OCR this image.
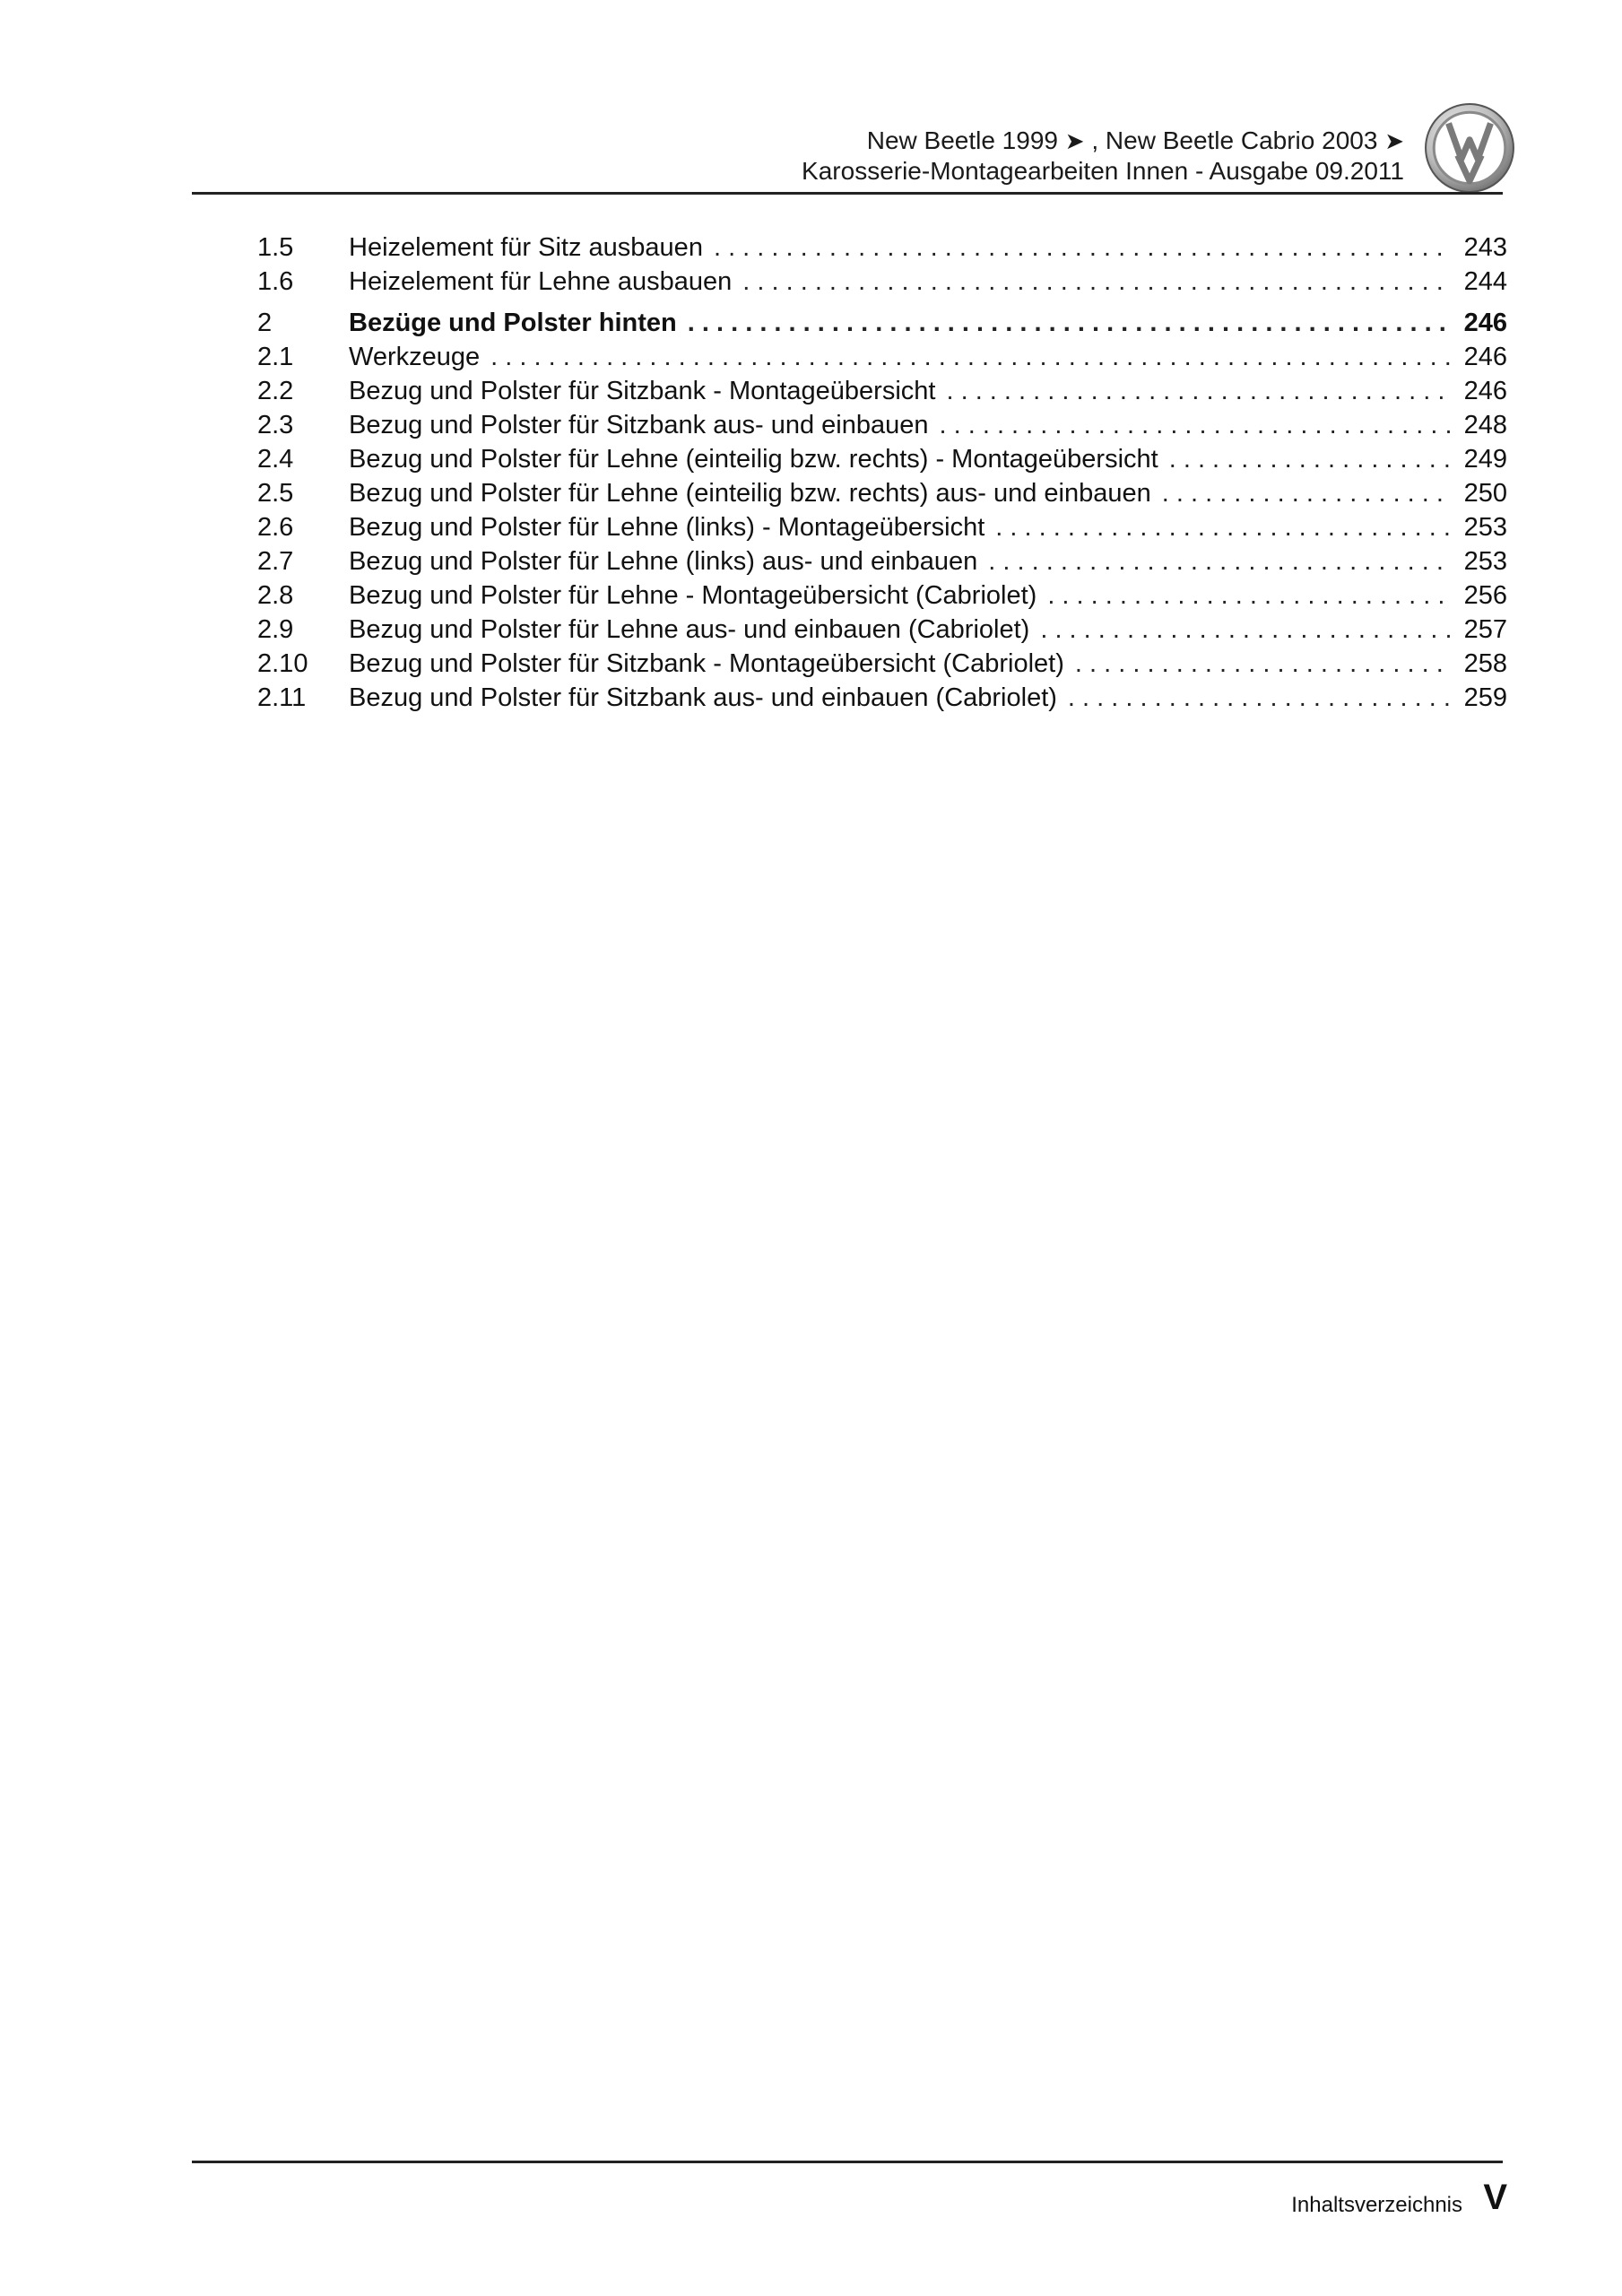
New Beetle 1999 ➤ , New Beetle Cabrio 2003 ➤
Karosserie-Montagearbeiten Innen - Ausgabe 09.2011
1.5	Heizelement für Sitz ausbauen . . .	243
1.6	Heizelement für Lehne ausbauen . . .	244
2	Bezüge und Polster hinten . . .	246
2.1	Werkzeuge . . .	246
2.2	Bezug und Polster für Sitzbank - Montageübersicht . . .	246
2.3	Bezug und Polster für Sitzbank aus- und einbauen . . .	248
2.4	Bezug und Polster für Lehne (einteilig bzw. rechts) - Montageübersicht . . .	249
2.5	Bezug und Polster für Lehne (einteilig bzw. rechts) aus- und einbauen . . .	250
2.6	Bezug und Polster für Lehne (links) - Montageübersicht . . .	253
2.7	Bezug und Polster für Lehne (links) aus- und einbauen . . .	253
2.8	Bezug und Polster für Lehne - Montageübersicht (Cabriolet) . . .	256
2.9	Bezug und Polster für Lehne aus- und einbauen (Cabriolet) . . .	257
2.10	Bezug und Polster für Sitzbank - Montageübersicht (Cabriolet) . . .	258
2.11	Bezug und Polster für Sitzbank aus- und einbauen (Cabriolet) . . .	259
Inhaltsverzeichnis V
